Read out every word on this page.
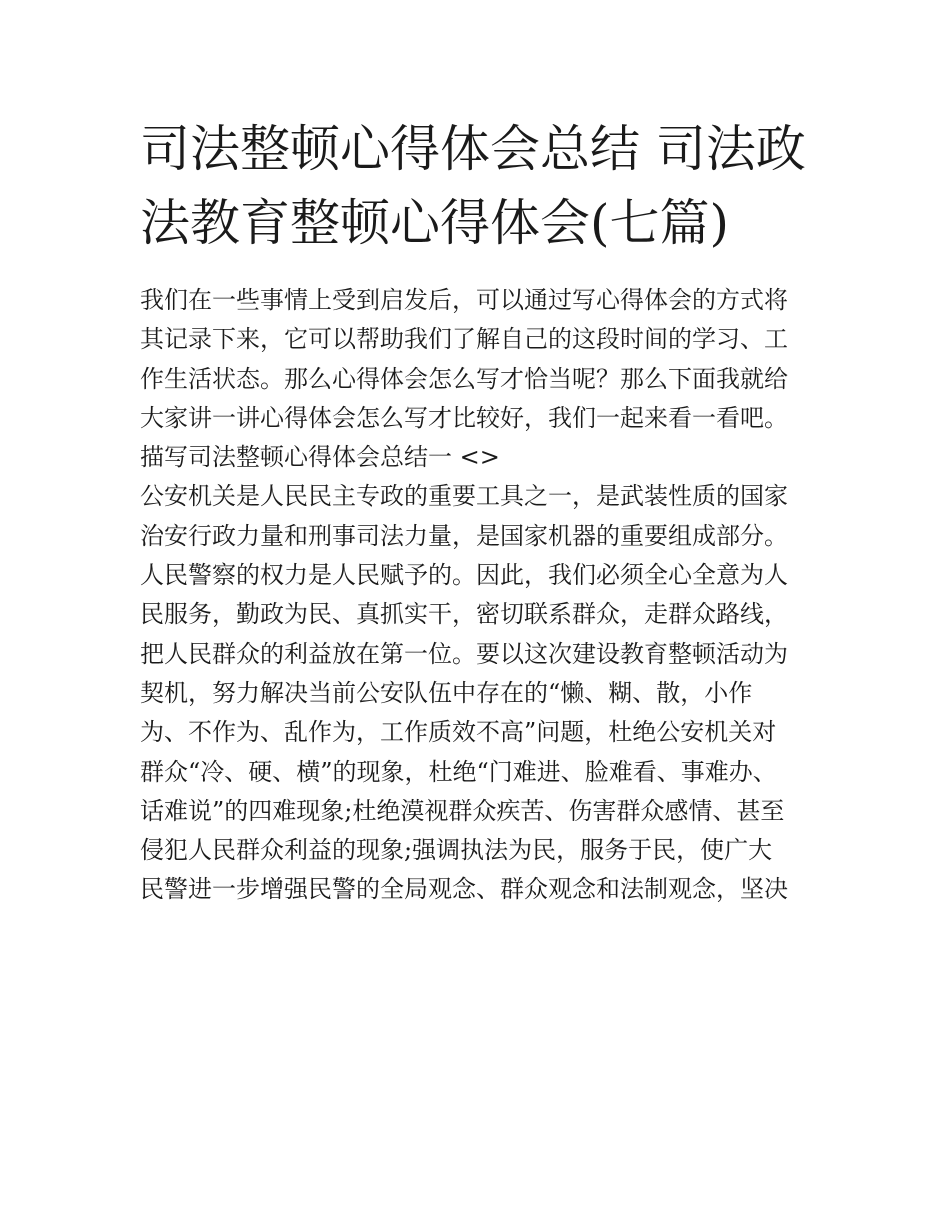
司法整顿心得体会总结 司法政
法教育整顿心得体会(七篇)
我们在一些事情上受到启发后，可以通过写心得体会的方式将
其记录下来，它可以帮助我们了解自己的这段时间的学习、工
作生活状态。那么心得体会怎么写才恰当呢？那么下面我就给
大家讲一讲心得体会怎么写才比较好，我们一起来看一看吧。
描写司法整顿心得体会总结一 <>
公安机关是人民民主专政的重要工具之一，是武装性质的国家
治安行政力量和刑事司法力量，是国家机器的重要组成部分。
人民警察的权力是人民赋予的。因此，我们必须全心全意为人
民服务，勤政为民、真抓实干，密切联系群众，走群众路线，
把人民群众的利益放在第一位。要以这次建设教育整顿活动为
契机，努力解决当前公安队伍中存在的“懒、糊、散，小作
为、不作为、乱作为，工作质效不高”问题，杜绝公安机关对
群众“冷、硬、横”的现象，杜绝“门难进、脸难看、事难办、
话难说”的四难现象;杜绝漠视群众疾苦、伤害群众感情、甚至
侵犯人民群众利益的现象;强调执法为民，服务于民，使广大
民警进一步增强民警的全局观念、群众观念和法制观念，坚决
